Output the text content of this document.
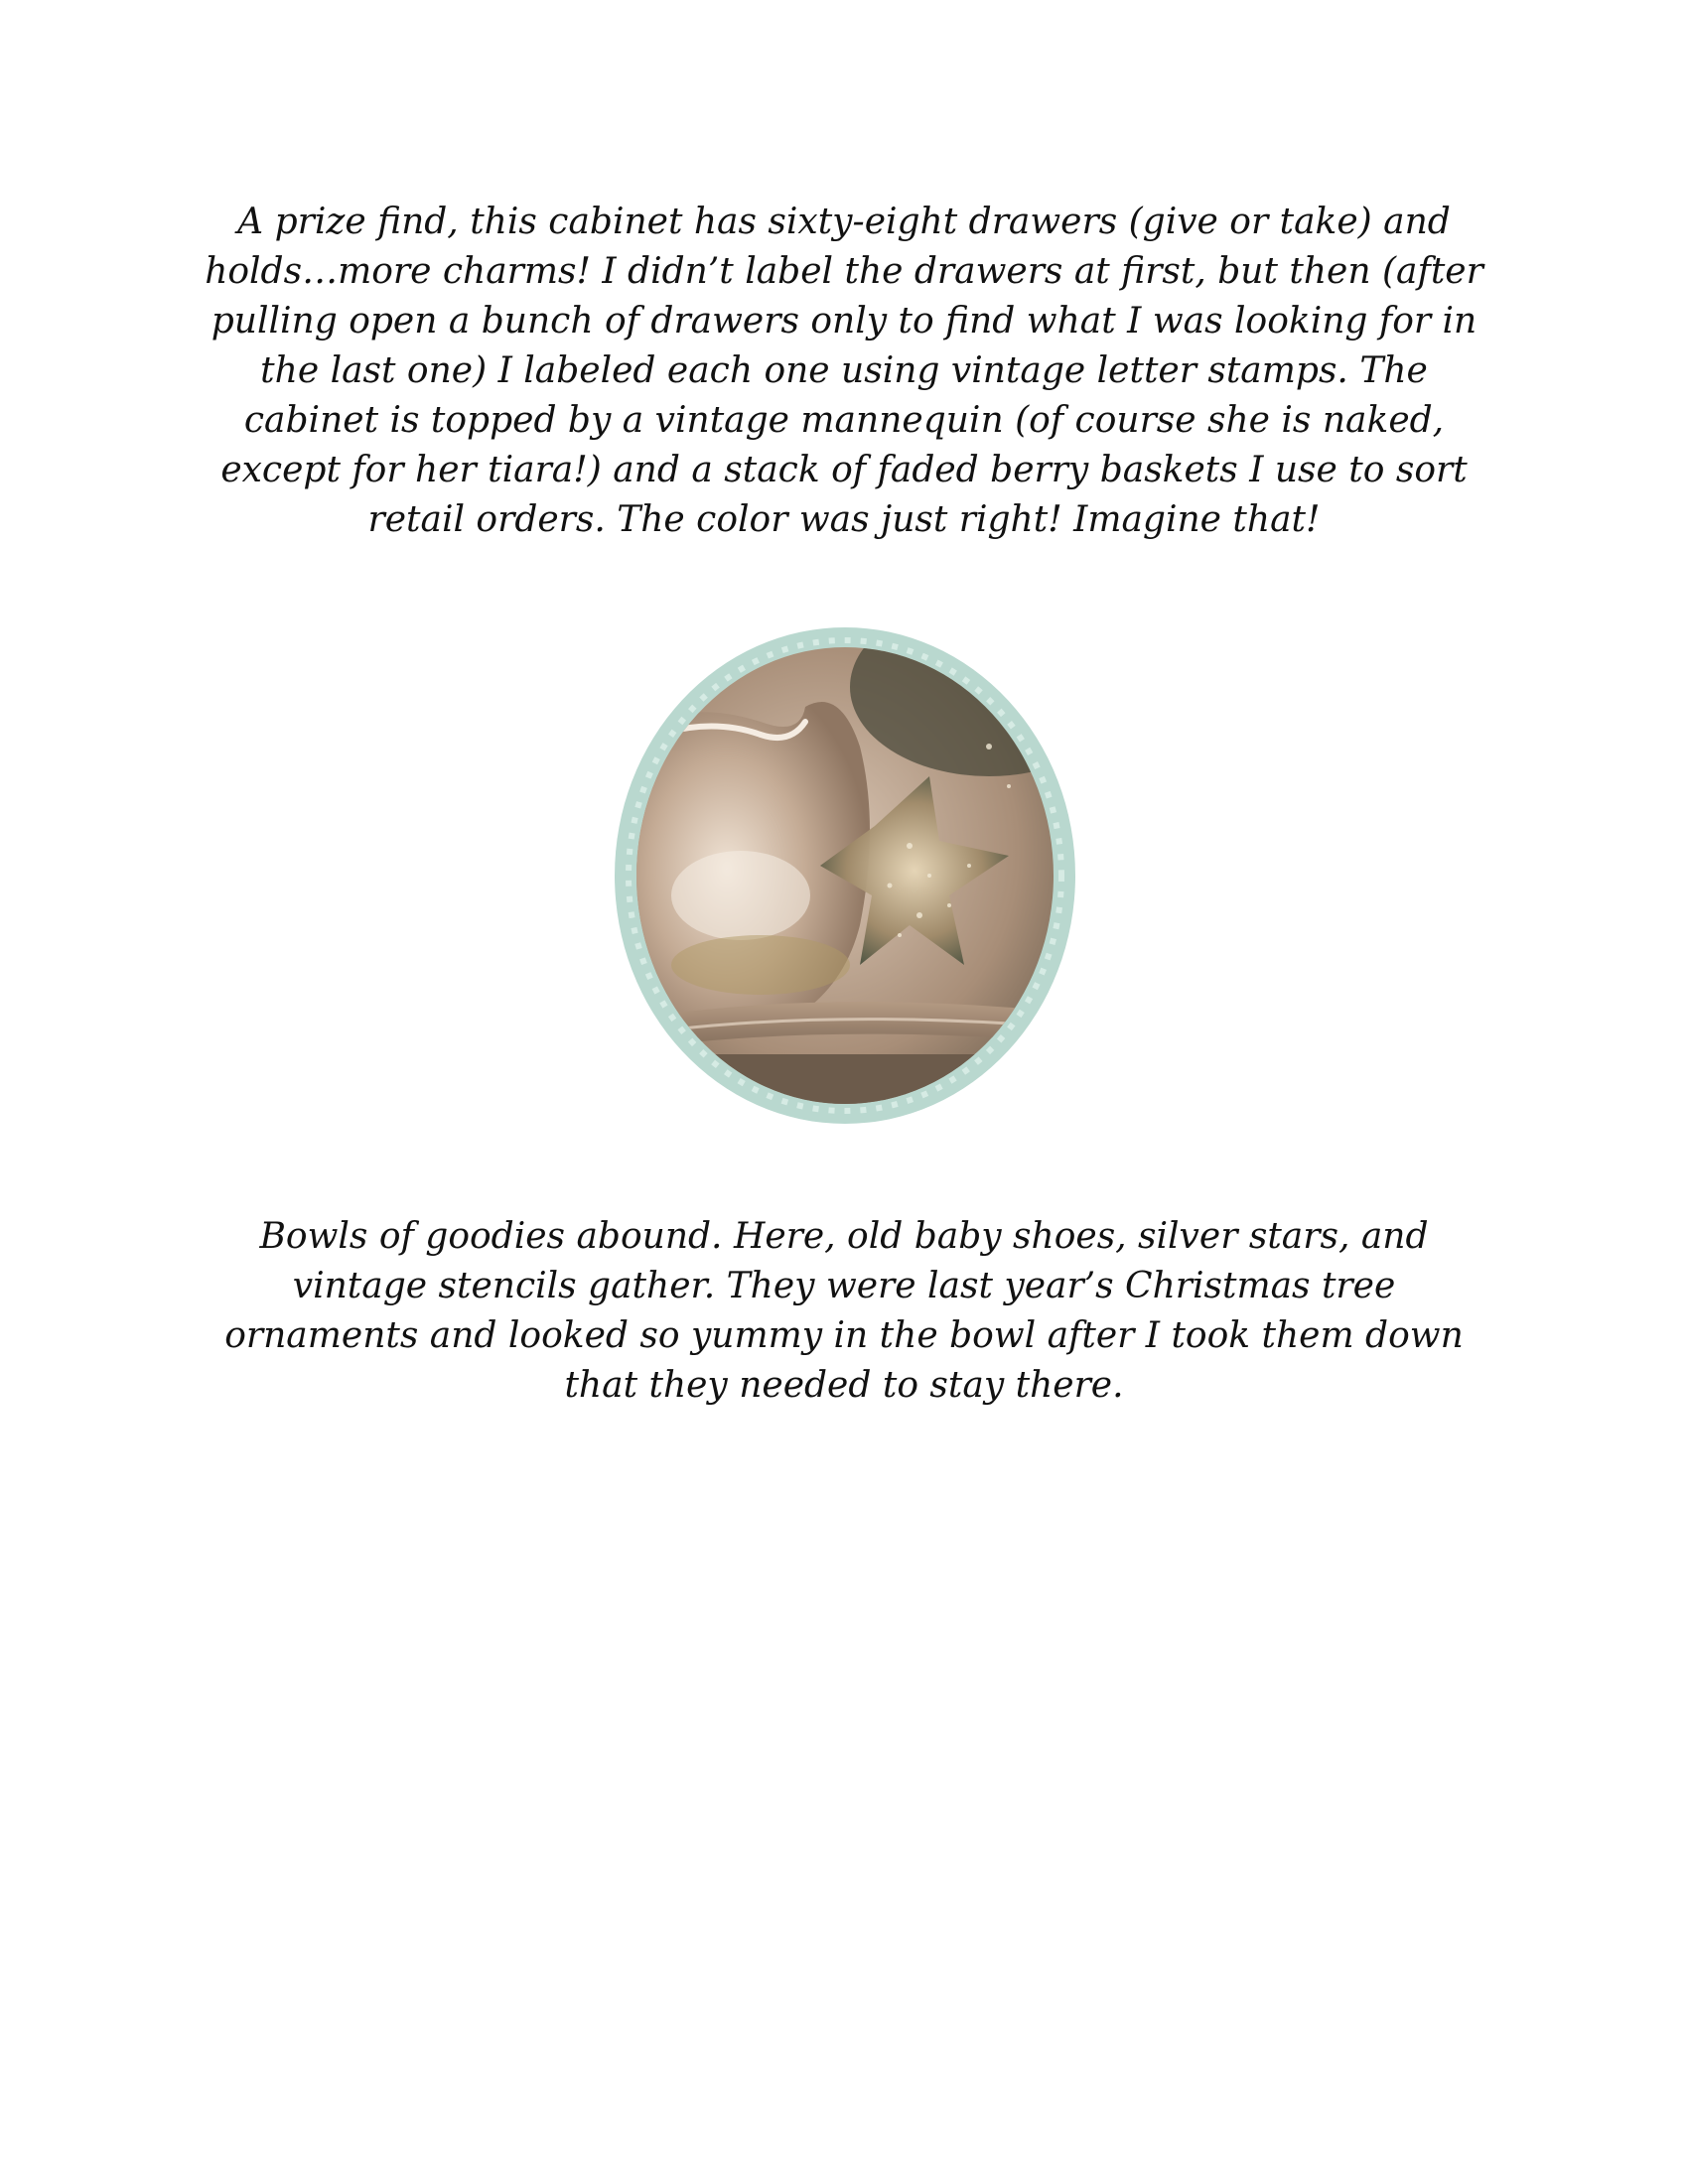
A prize find, this cabinet has sixty-eight drawers (give or take) and holds…more charms! I didn’t label the drawers at first, but then (after pulling open a bunch of drawers only to find what I was looking for in the last one) I labeled each one using vintage letter stamps. The cabinet is topped by a vintage mannequin (of course she is naked, except for her tiara!) and a stack of faded berry baskets I use to sort retail orders. The color was just right! Imagine that!

Bowls of goodies abound. Here, old baby shoes, silver stars, and vintage stencils gather. They were last year’s Christmas tree ornaments and looked so yummy in the bowl after I took them down that they needed to stay there.
